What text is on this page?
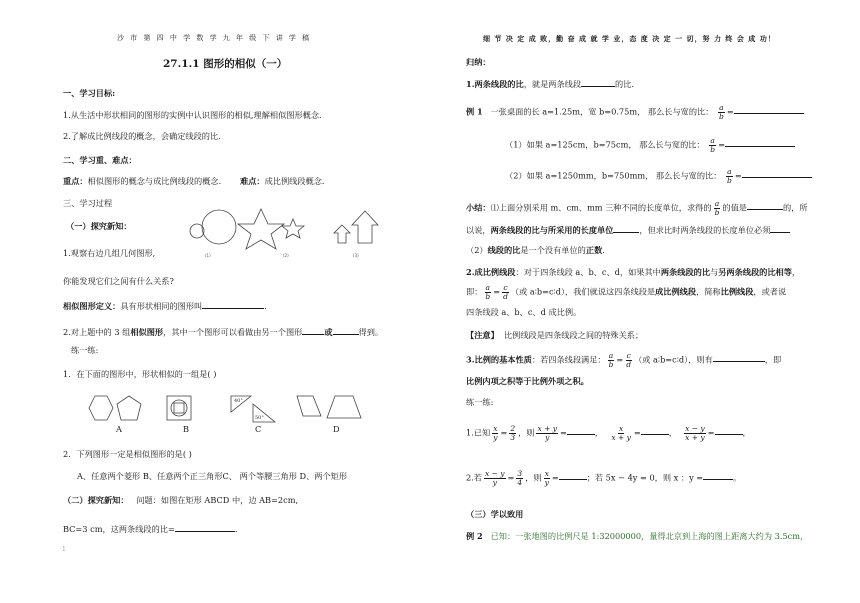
沙 市 第 四 中 学 数 学 九 年 级 下 讲 学 稿
27.1.1 图形的相似（一）
一、学习目标:
1.从生活中形状相同的图形的实例中认识图形的相似,理解相似图形概念.
2.了解成比例线段的概念，会确定线段的比.
二、学习重、难点：
重点：相似图形的概念与成比例线段的概念. 难点：成比例线段概念.
三、学习过程
（一）探究新知：
(1)	(2)	(3)
1.观察右边几组几何图形,
你能发现它们之间有什么关系?
相似图形定义：具有形状相同的图形叫	.
2.对上题中的 3 组相似图形，其中一个图形可以看做由另一个图形	或	得到。
练一练:
1．在下面的图形中，形状相似的一组是( )
40°
50°
A	B	C	D
2．下列图形一定是相似图形的是( )
A、任意两个菱形 B、任意两个正三角形C、 两个等腰三角形 D、两个矩形
（二）探究新知： 问题：如图在矩形 ABCD 中，边 AB=2cm,
BC=3 cm，这两条线段的比=	.
1
细 节 决 定 成 败，勤 奋 成 就 学 业，态 度 决 定 一 切，努 力 终 会 成 功！
归纳：
1.两条线段的比，就是两条线段	的比.
例 1 一张桌面的长 a=1.25m，宽 b=0.75m， 那么长与宽的比： $\frac{a}{b}$ =
（1）如果 a=125cm，b=75cm， 那么长与宽的比： $\frac{a}{b}$ =
（2）如果 a=1250mm，b=750mm， 那么长与宽的比： $\frac{a}{b}$ =
小结：⑴上面分别采用 m、cm、mm 三种不同的长度单位，求得的 $\frac{a}{b}$ 的值是	的，所
以说，两条线段的比与所采用的长度单位	，但求比时两条线段的长度单位必须
（2）线段的比是一个没有单位的正数.
2.成比例线段：对于四条线段 a、b、c、d，如果其中两条线段的比与另两条线段的比相等，
即： $\frac{a}{b} = \frac{c}{d}$ （或 a∶b=c∶d），我们就说这四条线段是成比例线段，简称比例线段，或者说
四条线段 a、b、c、d 成比例。
【注意】 比例线段是四条线段之间的特殊关系；
3.比例的基本性质：若四条线段满足： $\frac{a}{b} = \frac{c}{d}$ （或 a∶b=c∶d），则有	，即
比例内项之积等于比例外项之积。
练一练:
1.已知 $\frac{x}{y} = \frac{2}{3}$ ，则 $\frac{x + y}{y}$ =	， $\frac{x}{x + y}$ =	， $\frac{x - y}{x + y}$ =	，
2.若 $\frac{x - y}{y} = \frac{3}{4}$ ，则 $\frac{x}{y}$ =	；若 5x − 4y = 0，则 x ：y =	。
（三）学以致用
例 2 已知：一张地图的比例尺是 1:32000000，量得北京到上海的图上距离大约为 3.5cm，
